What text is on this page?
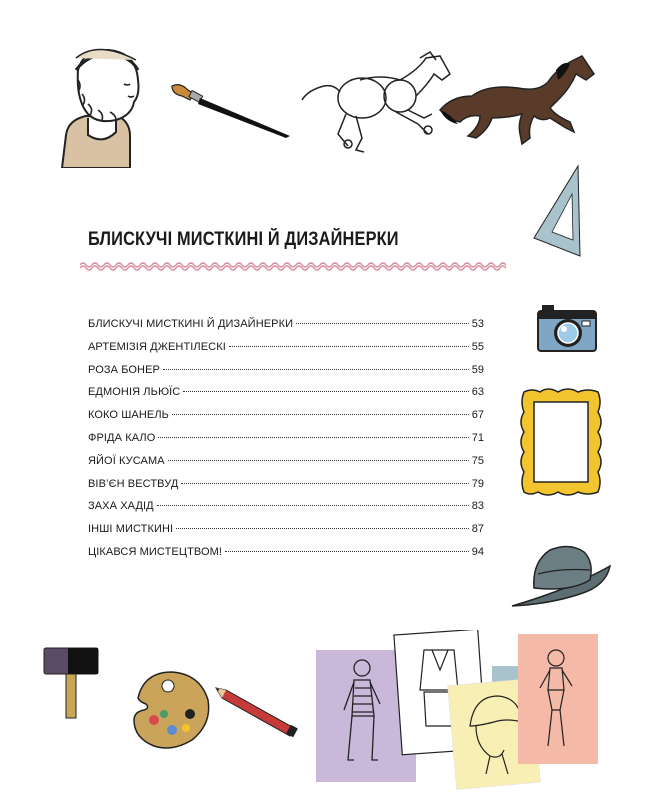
БЛИСКУЧІ МИСТКИНІ Й ДИЗАЙНЕРКИ
БЛИСКУЧІ МИСТКИНІ Й ДИЗАЙНЕРКИ	53
АРТЕМІЗІЯ ДЖЕНТІЛЕСКІ	55
РОЗА БОНЕР	59
ЕДМОНІЯ ЛЬЮЇС	63
КОКО ШАНЕЛЬ	67
ФРІДА КАЛО	71
ЯЙОЇ КУСАМА	75
ВІВ’ЄН ВЕСТВУД	79
ЗАХА ХАДІД	83
ІНШІ МИСТКИНІ	87
ЦІКАВСЯ МИСТЕЦТВОМ!	94
